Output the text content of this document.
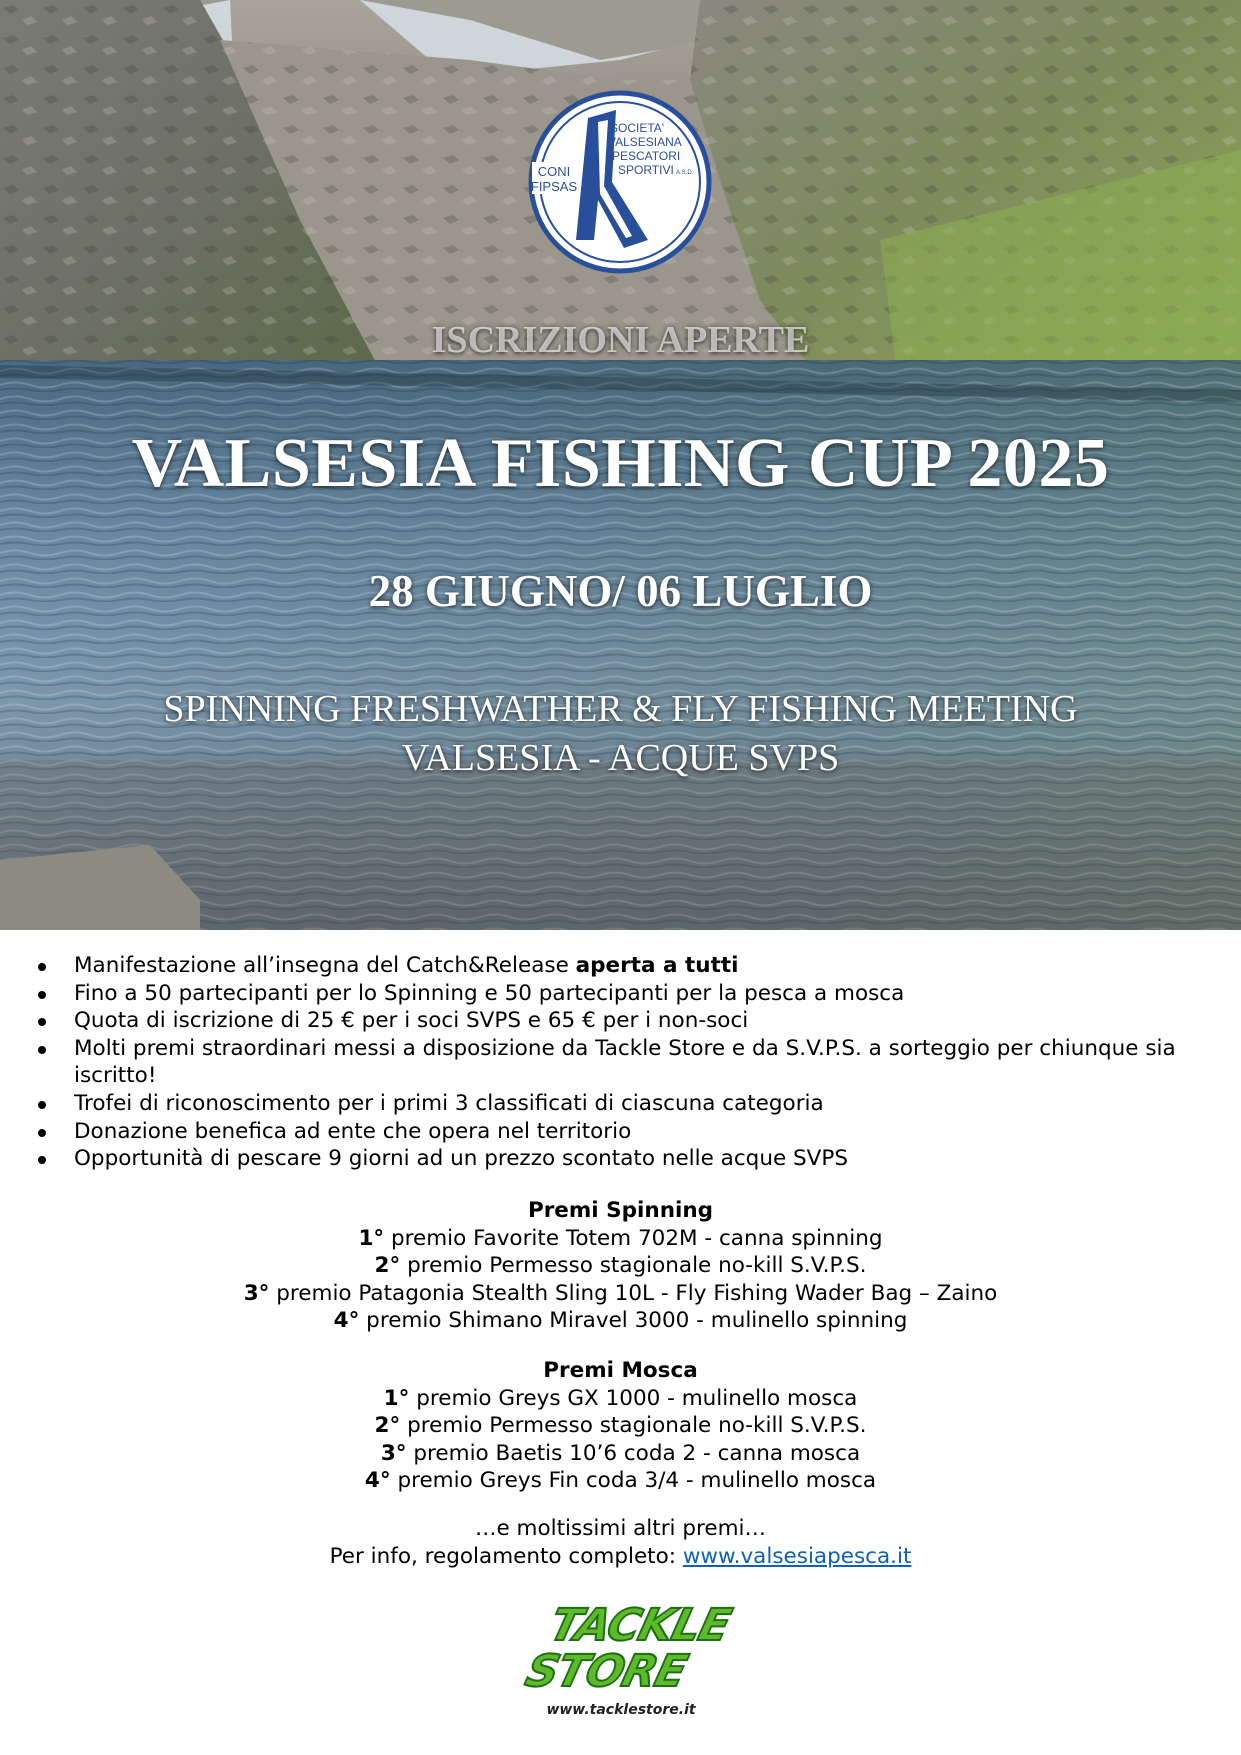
ISCRIZIONI APERTE
VALSESIA FISHING CUP 2025
28 GIUGNO/ 06 LUGLIO
SPINNING FRESHWATHER & FLY FISHING MEETING
VALSESIA - ACQUE SVPS
CONI
FIPSAS
SOCIETA'
VALSESIANA
PESCATORI
SPORTIVI A.S.D.
Manifestazione all’insegna del Catch&Release aperta a tutti
Fino a 50 partecipanti per lo Spinning e 50 partecipanti per la pesca a mosca
Quota di iscrizione di 25 € per i soci SVPS e 65 € per i non-soci
Molti premi straordinari messi a disposizione da Tackle Store e da S.V.P.S. a sorteggio per chiunque sia iscritto!
Trofei di riconoscimento per i primi 3 classificati di ciascuna categoria
Donazione benefica ad ente che opera nel territorio
Opportunità di pescare 9 giorni ad un prezzo scontato nelle acque SVPS
Premi Spinning
1° premio Favorite Totem 702M - canna spinning
2° premio Permesso stagionale no-kill S.V.P.S.
3° premio Patagonia Stealth Sling 10L - Fly Fishing Wader Bag – Zaino
4° premio Shimano Miravel 3000 - mulinello spinning
Premi Mosca
1° premio Greys GX 1000 - mulinello mosca
2° premio Permesso stagionale no-kill S.V.P.S.
3° premio Baetis 10’6 coda 2 - canna mosca
4° premio Greys Fin coda 3/4 - mulinello mosca
…e moltissimi altri premi…
Per info, regolamento completo: www.valsesiapesca.it
TACKLE
STORE
www.tacklestore.it
